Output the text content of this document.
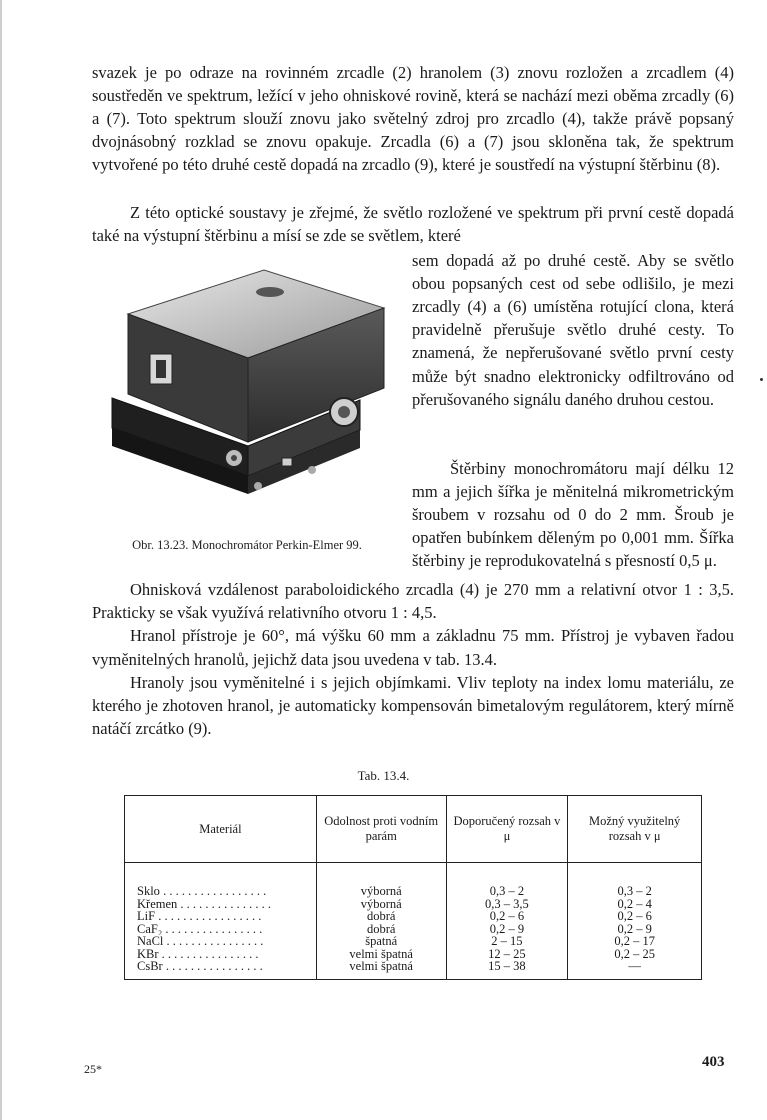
svazek je po odraze na rovinném zrcadle (2) hranolem (3) znovu rozložen a zrcadlem (4) soustředěn ve spektrum, ležící v jeho ohniskové rovině, která se nachází mezi oběma zrcadly (6) a (7). Toto spektrum slouží znovu jako světelný zdroj pro zrcadlo (4), takže právě popsaný dvojnásobný rozklad se znovu opakuje. Zrcadla (6) a (7) jsou skloněna tak, že spektrum vytvořené po této druhé cestě dopadá na zrcadlo (9), které je soustředí na výstupní štěrbinu (8).

Z této optické soustavy je zřejmé, že světlo rozložené ve spektrum při první cestě dopadá také na výstupní štěrbinu a mísí se zde se světlem, které

sem dopadá až po druhé cestě. Aby se světlo obou popsaných cest od sebe odlišilo, je mezi zrcadly (4) a (6) umístěna rotující clona, která pravidelně přerušuje světlo druhé cesty. To znamená, že nepřerušované světlo první cesty může být snadno elektronicky odfiltrováno od přerušovaného signálu daného druhou cestou.

Štěrbiny monochromátoru mají délku 12 mm a jejich šířka je měnitelná mikrometrickým šroubem v rozsahu od 0 do 2 mm. Šroub je opatřen bubínkem děleným po 0,001 mm. Šířka štěrbiny je reprodukovatelná s přesností 0,5 μ.

Ohnisková vzdálenost paraboloidického zrcadla (4) je 270 mm a relativní otvor 1 : 3,5. Prakticky se však využívá relativního otvoru 1 : 4,5.
Hranol přístroje je 60°, má výšku 60 mm a základnu 75 mm. Přístroj je vybaven řadou vyměnitelných hranolů, jejichž data jsou uvedena v tab. 13.4.
Hranoly jsou vyměnitelné i s jejich objímkami. Vliv teploty na index lomu materiálu, ze kterého je zhotoven hranol, je automaticky kompensován bimetalovým regulátorem, který mírně natáčí zrcátko (9).
Obr. 13.23. Monochromátor Perkin-Elmer 99.
Tab. 13.4.
Materiál	Odolnost proti vodním parám	Doporučený rozsah v μ	Možný využitelný rozsah v μ
Sklo . . . . . . . . . . . . . . . . .	výborná	0,3 – 2	0,3 – 2
Křemen . . . . . . . . . . . . . . .	výborná	0,3 – 3,5	0,2 – 4
LiF . . . . . . . . . . . . . . . . .	dobrá	0,2 – 6	0,2 – 6
CaF₂ . . . . . . . . . . . . . . . .	dobrá	0,2 – 9	0,2 – 9
NaCl . . . . . . . . . . . . . . . .	špatná	2 – 15	0,2 – 17
KBr . . . . . . . . . . . . . . . .	velmi špatná	12 – 25	0,2 – 25
CsBr . . . . . . . . . . . . . . . .	velmi špatná	15 – 38	—
25*	403
